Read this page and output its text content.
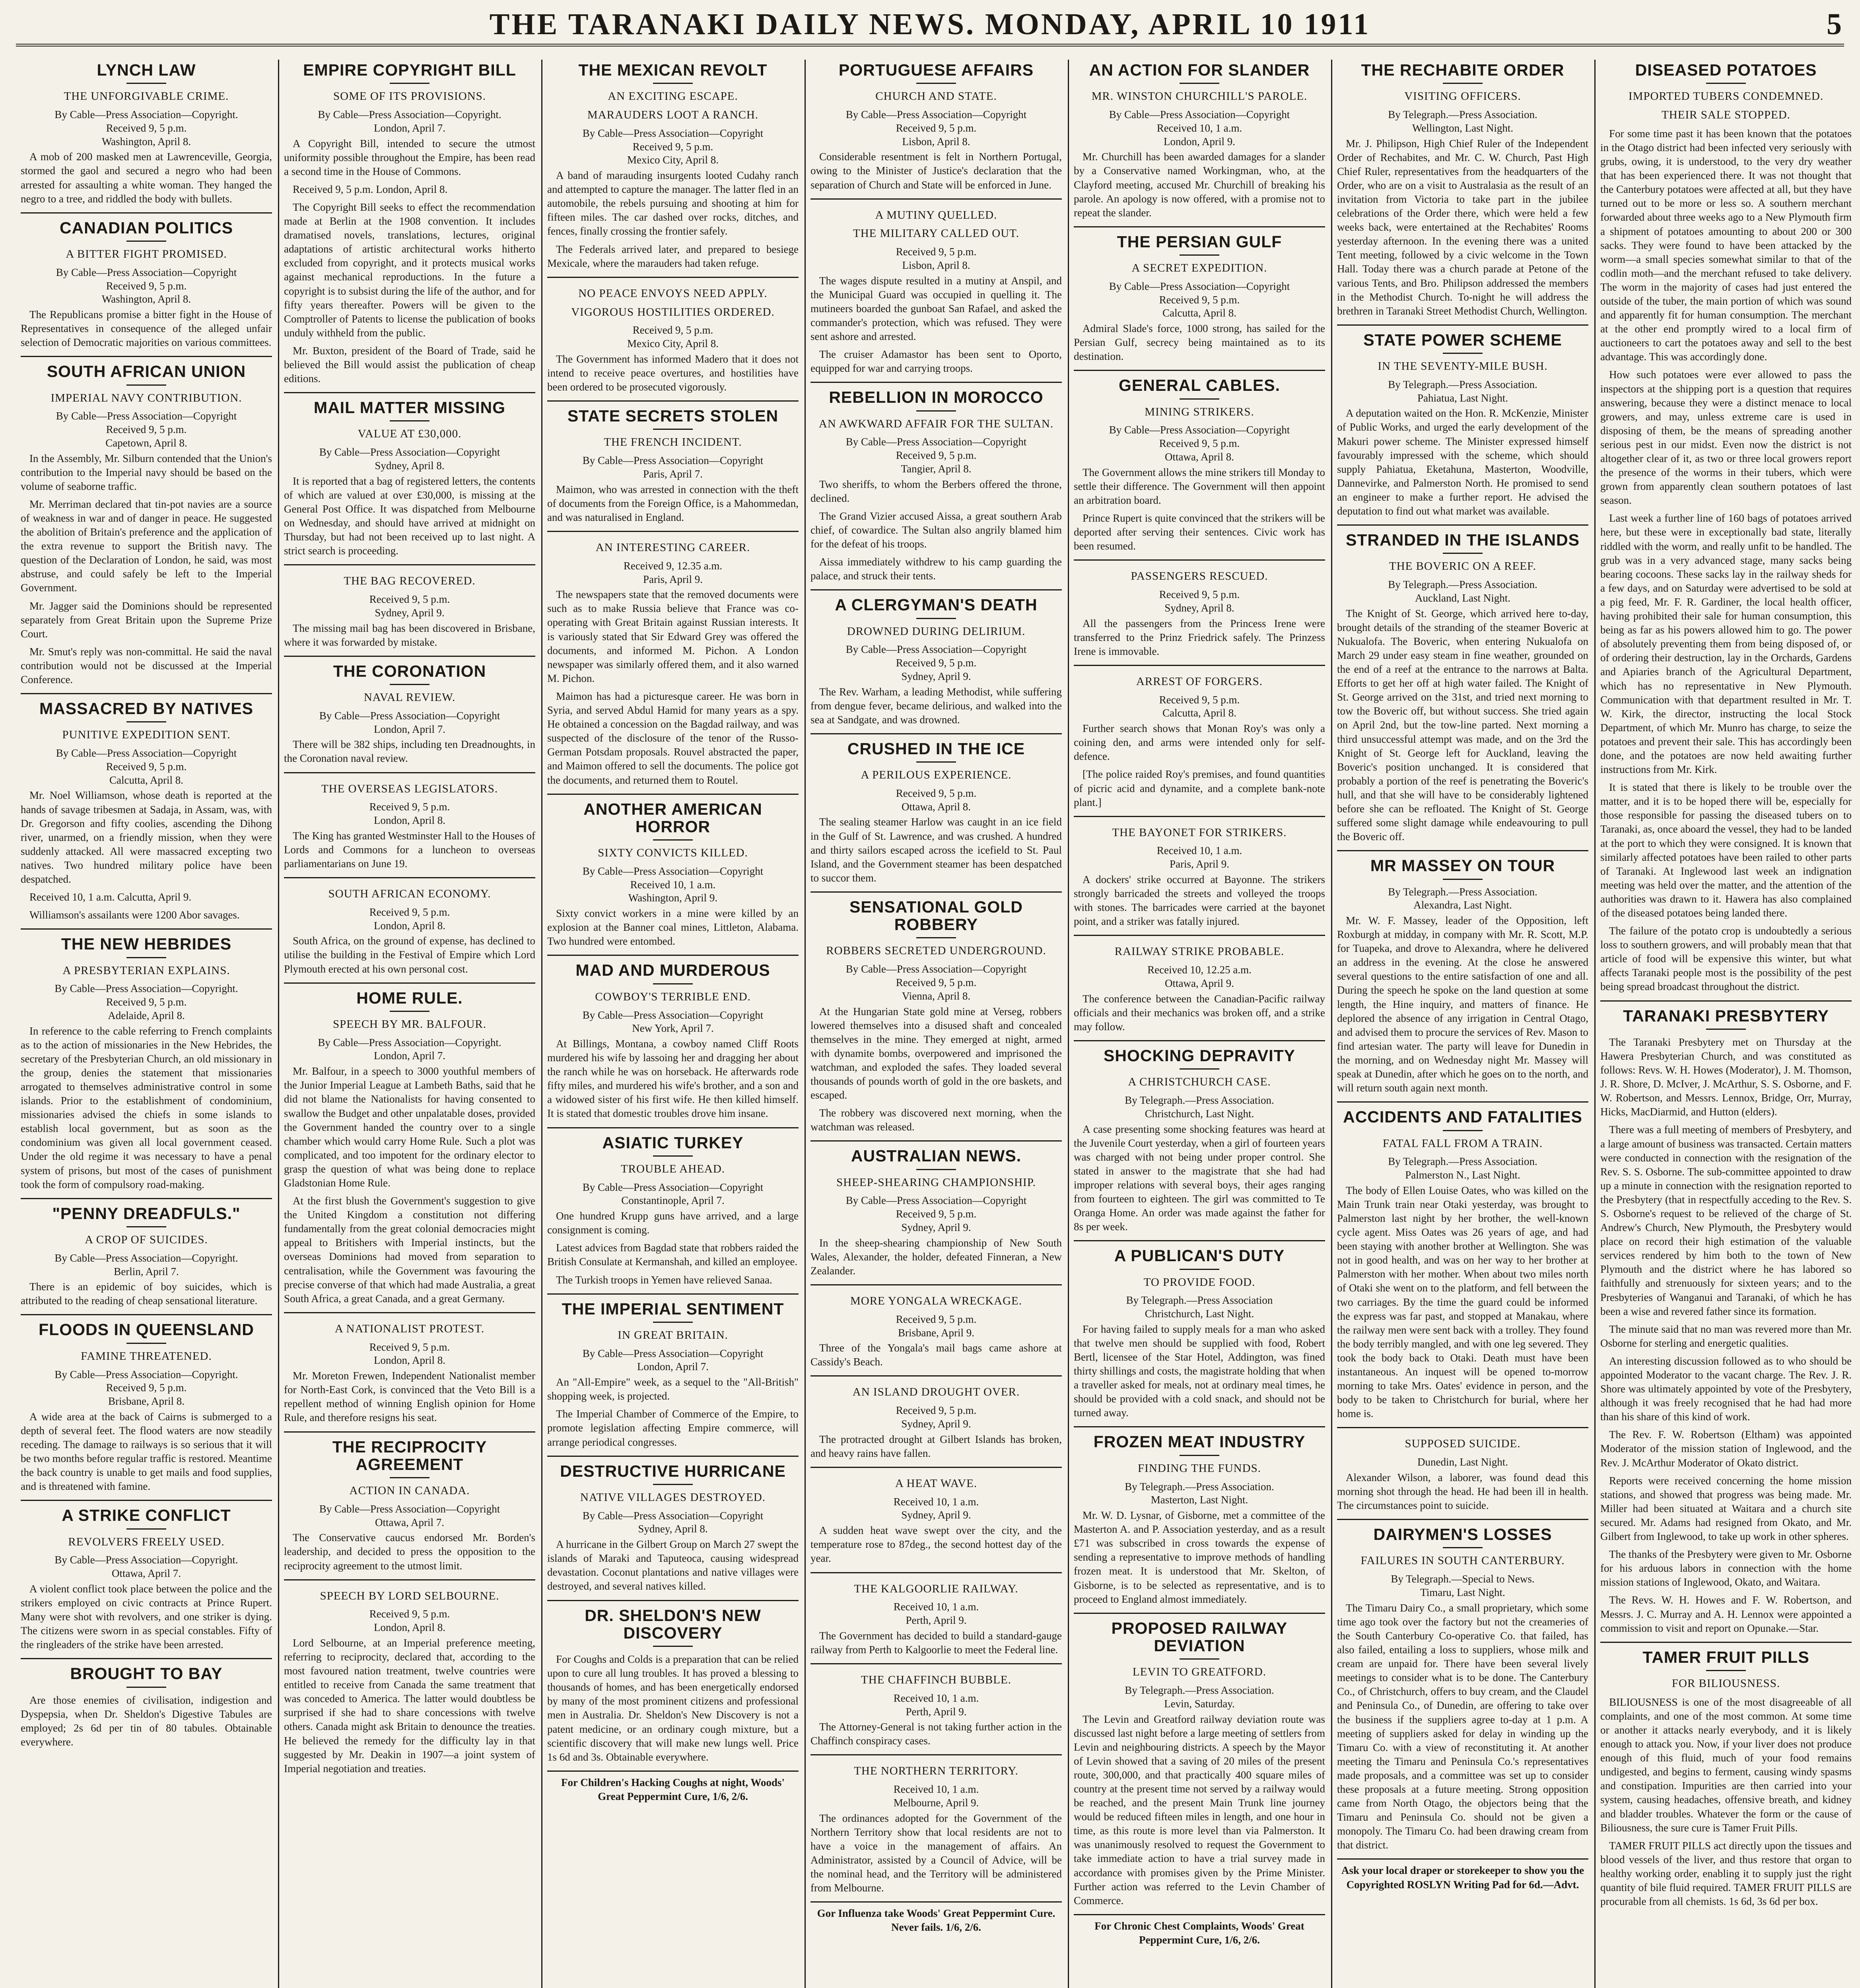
THE TARANAKI DAILY NEWS. MONDAY, APRIL 10 1911	5
LYNCH LAW
THE UNFORGIVABLE CRIME.
By Cable—Press Association—Copyright.
Received 9, 5 p.m.
Washington, April 8.

A mob of 200 masked men at Lawrenceville, Georgia, stormed the gaol and secured a negro who had been arrested for assaulting a white woman. They hanged the negro to a tree, and riddled the body with bullets.

CANADIAN POLITICS
A BITTER FIGHT PROMISED.
By Cable—Press Association—Copyright
Received 9, 5 p.m.
Washington, April 8.

The Republicans promise a bitter fight in the House of Representatives in consequence of the alleged unfair selection of Democratic majorities on various committees.

SOUTH AFRICAN UNION
IMPERIAL NAVY CONTRIBUTION.
By Cable—Press Association—Copyright
Received 9, 5 p.m.
Capetown, April 8.

In the Assembly, Mr. Silburn contended that the Union's contribution to the Imperial navy should be based on the volume of seaborne traffic.

Mr. Merriman declared that tin-pot navies are a source of weakness in war and of danger in peace. He suggested the abolition of Britain's preference and the application of the extra revenue to support the British navy. The question of the Declaration of London, he said, was most abstruse, and could safely be left to the Imperial Government.

Mr. Jagger said the Dominions should be represented separately from Great Britain upon the Supreme Prize Court.

Mr. Smut's reply was non-committal. He said the naval contribution would not be discussed at the Imperial Conference.

MASSACRED BY NATIVES
PUNITIVE EXPEDITION SENT.
By Cable—Press Association—Copyright
Received 9, 5 p.m.
Calcutta, April 8.

Mr. Noel Williamson, whose death is reported at the hands of savage tribesmen at Sadaja, in Assam, was, with Dr. Gregorson and fifty coolies, ascending the Dihong river, unarmed, on a friendly mission, when they were suddenly attacked. All were massacred excepting two natives. Two hundred military police have been despatched.

Received 10, 1 a.m. Calcutta, April 9.

Williamson's assailants were 1200 Abor savages.

THE NEW HEBRIDES
A PRESBYTERIAN EXPLAINS.
By Cable—Press Association—Copyright.
Received 9, 5 p.m.
Adelaide, April 8.

In reference to the cable referring to French complaints as to the action of missionaries in the New Hebrides, the secretary of the Presbyterian Church, an old missionary in the group, denies the statement that missionaries arrogated to themselves administrative control in some islands. Prior to the establishment of condominium, missionaries advised the chiefs in some islands to establish local government, but as soon as the condominium was given all local government ceased. Under the old regime it was necessary to have a penal system of prisons, but most of the cases of punishment took the form of compulsory road-making.

"PENNY DREADFULS."
A CROP OF SUICIDES.
By Cable—Press Association—Copyright.
Berlin, April 7.

There is an epidemic of boy suicides, which is attributed to the reading of cheap sensational literature.

FLOODS IN QUEENSLAND
FAMINE THREATENED.
By Cable—Press Association—Copyright.
Received 9, 5 p.m.
Brisbane, April 8.

A wide area at the back of Cairns is submerged to a depth of several feet. The flood waters are now steadily receding. The damage to railways is so serious that it will be two months before regular traffic is restored. Meantime the back country is unable to get mails and food supplies, and is threatened with famine.

A STRIKE CONFLICT
REVOLVERS FREELY USED.
By Cable—Press Association—Copyright.
Ottawa, April 7.

A violent conflict took place between the police and the strikers employed on civic contracts at Prince Rupert. Many were shot with revolvers, and one striker is dying. The citizens were sworn in as special constables. Fifty of the ringleaders of the strike have been arrested.

BROUGHT TO BAY

Are those enemies of civilisation, indigestion and Dyspepsia, when Dr. Sheldon's Digestive Tabules are employed; 2s 6d per tin of 80 tabules. Obtainable everywhere.

EMPIRE COPYRIGHT BILL
SOME OF ITS PROVISIONS.
By Cable—Press Association—Copyright.
London, April 7.

A Copyright Bill, intended to secure the utmost uniformity possible throughout the Empire, has been read a second time in the House of Commons.

Received 9, 5 p.m. London, April 8.

The Copyright Bill seeks to effect the recommendation made at Berlin at the 1908 convention. It includes dramatised novels, translations, lectures, original adaptations of artistic architectural works hitherto excluded from copyright, and it protects musical works against mechanical reproductions. In the future a copyright is to subsist during the life of the author, and for fifty years thereafter. Powers will be given to the Comptroller of Patents to license the publication of books unduly withheld from the public.

Mr. Buxton, president of the Board of Trade, said he believed the Bill would assist the publication of cheap editions.

MAIL MATTER MISSING
VALUE AT £30,000.
By Cable—Press Association—Copyright
Sydney, April 8.

It is reported that a bag of registered letters, the contents of which are valued at over £30,000, is missing at the General Post Office. It was dispatched from Melbourne on Wednesday, and should have arrived at midnight on Thursday, but had not been received up to last night. A strict search is proceeding.

THE BAG RECOVERED.
Received 9, 5 p.m.
Sydney, April 9.

The missing mail bag has been discovered in Brisbane, where it was forwarded by mistake.

THE CORONATION
NAVAL REVIEW.
By Cable—Press Association—Copyright
London, April 7.

There will be 382 ships, including ten Dreadnoughts, in the Coronation naval review.

THE OVERSEAS LEGISLATORS.
Received 9, 5 p.m.
London, April 8.

The King has granted Westminster Hall to the Houses of Lords and Commons for a luncheon to overseas parliamentarians on June 19.

SOUTH AFRICAN ECONOMY.
Received 9, 5 p.m.
London, April 8.

South Africa, on the ground of expense, has declined to utilise the building in the Festival of Empire which Lord Plymouth erected at his own personal cost.

HOME RULE.
SPEECH BY MR. BALFOUR.
By Cable—Press Association—Copyright.
London, April 7.

Mr. Balfour, in a speech to 3000 youthful members of the Junior Imperial League at Lambeth Baths, said that he did not blame the Nationalists for having consented to swallow the Budget and other unpalatable doses, provided the Government handed the country over to a single chamber which would carry Home Rule. Such a plot was complicated, and too impotent for the ordinary elector to grasp the question of what was being done to replace Gladstonian Home Rule.

At the first blush the Government's suggestion to give the United Kingdom a constitution not differing fundamentally from the great colonial democracies might appeal to Britishers with Imperial instincts, but the overseas Dominions had moved from separation to centralisation, while the Government was favouring the precise converse of that which had made Australia, a great South Africa, a great Canada, and a great Germany.

A NATIONALIST PROTEST.
Received 9, 5 p.m.
London, April 8.

Mr. Moreton Frewen, Independent Nationalist member for North-East Cork, is convinced that the Veto Bill is a repellent method of winning English opinion for Home Rule, and therefore resigns his seat.

THE RECIPROCITY AGREEMENT
ACTION IN CANADA.
By Cable—Press Association—Copyright
Ottawa, April 7.

The Conservative caucus endorsed Mr. Borden's leadership, and decided to press the opposition to the reciprocity agreement to the utmost limit.

SPEECH BY LORD SELBOURNE.
Received 9, 5 p.m.
London, April 8.

Lord Selbourne, at an Imperial preference meeting, referring to reciprocity, declared that, according to the most favoured nation treatment, twelve countries were entitled to receive from Canada the same treatment that was conceded to America. The latter would doubtless be surprised if she had to share concessions with twelve others. Canada might ask Britain to denounce the treaties. He believed the remedy for the difficulty lay in that suggested by Mr. Deakin in 1907—a joint system of Imperial negotiation and treaties.

THE MEXICAN REVOLT
AN EXCITING ESCAPE.

MARAUDERS LOOT A RANCH.

By Cable—Press Association—Copyright
Received 9, 5 p.m.
Mexico City, April 8.

A band of marauding insurgents looted Cudahy ranch and attempted to capture the manager. The latter fled in an automobile, the rebels pursuing and shooting at him for fifteen miles. The car dashed over rocks, ditches, and fences, finally crossing the frontier safely.

The Federals arrived later, and prepared to besiege Mexicale, where the marauders had taken refuge.

NO PEACE ENVOYS NEED APPLY.

VIGOROUS HOSTILITIES ORDERED.

Received 9, 5 p.m.
Mexico City, April 8.

The Government has informed Madero that it does not intend to receive peace overtures, and hostilities have been ordered to be prosecuted vigorously.

STATE SECRETS STOLEN
THE FRENCH INCIDENT.
By Cable—Press Association—Copyright
Paris, April 7.

Maimon, who was arrested in connection with the theft of documents from the Foreign Office, is a Mahommedan, and was naturalised in England.

AN INTERESTING CAREER.
Received 9, 12.35 a.m.
Paris, April 9.

The newspapers state that the removed documents were such as to make Russia believe that France was co-operating with Great Britain against Russian interests. It is variously stated that Sir Edward Grey was offered the documents, and informed M. Pichon. A London newspaper was similarly offered them, and it also warned M. Pichon.

Maimon has had a picturesque career. He was born in Syria, and served Abdul Hamid for many years as a spy. He obtained a concession on the Bagdad railway, and was suspected of the disclosure of the tenor of the Russo-German Potsdam proposals. Rouvel abstracted the paper, and Maimon offered to sell the documents. The police got the documents, and returned them to Routel.

ANOTHER AMERICAN HORROR
SIXTY CONVICTS KILLED.
By Cable—Press Association—Copyright
Received 10, 1 a.m.
Washington, April 9.

Sixty convict workers in a mine were killed by an explosion at the Banner coal mines, Littleton, Alabama. Two hundred were entombed.

MAD AND MURDEROUS
COWBOY'S TERRIBLE END.
By Cable—Press Association—Copyright
New York, April 7.

At Billings, Montana, a cowboy named Cliff Roots murdered his wife by lassoing her and dragging her about the ranch while he was on horseback. He afterwards rode fifty miles, and murdered his wife's brother, and a son and a widowed sister of his first wife. He then killed himself. It is stated that domestic troubles drove him insane.

ASIATIC TURKEY
TROUBLE AHEAD.
By Cable—Press Association—Copyright
Constantinople, April 7.

One hundred Krupp guns have arrived, and a large consignment is coming.

Latest advices from Bagdad state that robbers raided the British Consulate at Kermanshah, and killed an employee.

The Turkish troops in Yemen have relieved Sanaa.

THE IMPERIAL SENTIMENT
IN GREAT BRITAIN.
By Cable—Press Association—Copyright
London, April 7.

An "All-Empire" week, as a sequel to the "All-British" shopping week, is projected.

The Imperial Chamber of Commerce of the Empire, to promote legislation affecting Empire commerce, will arrange periodical congresses.

DESTRUCTIVE HURRICANE
NATIVE VILLAGES DESTROYED.
By Cable—Press Association—Copyright
Sydney, April 8.

A hurricane in the Gilbert Group on March 27 swept the islands of Maraki and Taputeoca, causing widespread devastation. Coconut plantations and native villages were destroyed, and several natives killed.

DR. SHELDON'S NEW DISCOVERY

For Coughs and Colds is a preparation that can be relied upon to cure all lung troubles. It has proved a blessing to thousands of homes, and has been energetically endorsed by many of the most prominent citizens and professional men in Australia. Dr. Sheldon's New Discovery is not a patent medicine, or an ordinary cough mixture, but a scientific discovery that will make new lungs well. Price 1s 6d and 3s. Obtainable everywhere.

For Children's Hacking Coughs at night, Woods' Great Peppermint Cure, 1/6, 2/6.
PORTUGUESE AFFAIRS
CHURCH AND STATE.
By Cable—Press Association—Copyright
Received 9, 5 p.m.
Lisbon, April 8.

Considerable resentment is felt in Northern Portugal, owing to the Minister of Justice's declaration that the separation of Church and State will be enforced in June.

A MUTINY QUELLED.

THE MILITARY CALLED OUT.

Received 9, 5 p.m.
Lisbon, April 8.

The wages dispute resulted in a mutiny at Anspil, and the Municipal Guard was occupied in quelling it. The mutineers boarded the gunboat San Rafael, and asked the commander's protection, which was refused. They were sent ashore and arrested.

The cruiser Adamastor has been sent to Oporto, equipped for war and carrying troops.

REBELLION IN MOROCCO
AN AWKWARD AFFAIR FOR THE SULTAN.
By Cable—Press Association—Copyright
Received 9, 5 p.m.
Tangier, April 8.

Two sheriffs, to whom the Berbers offered the throne, declined.

The Grand Vizier accused Aissa, a great southern Arab chief, of cowardice. The Sultan also angrily blamed him for the defeat of his troops.

Aissa immediately withdrew to his camp guarding the palace, and struck their tents.

A CLERGYMAN'S DEATH
DROWNED DURING DELIRIUM.
By Cable—Press Association—Copyright
Received 9, 5 p.m.
Sydney, April 9.

The Rev. Warham, a leading Methodist, while suffering from dengue fever, became delirious, and walked into the sea at Sandgate, and was drowned.

CRUSHED IN THE ICE
A PERILOUS EXPERIENCE.
Received 9, 5 p.m.
Ottawa, April 8.

The sealing steamer Harlow was caught in an ice field in the Gulf of St. Lawrence, and was crushed. A hundred and thirty sailors escaped across the icefield to St. Paul Island, and the Government steamer has been despatched to succor them.

SENSATIONAL GOLD ROBBERY
ROBBERS SECRETED UNDERGROUND.
By Cable—Press Association—Copyright
Received 9, 5 p.m.
Vienna, April 8.

At the Hungarian State gold mine at Verseg, robbers lowered themselves into a disused shaft and concealed themselves in the mine. They emerged at night, armed with dynamite bombs, overpowered and imprisoned the watchman, and exploded the safes. They loaded several thousands of pounds worth of gold in the ore baskets, and escaped.

The robbery was discovered next morning, when the watchman was released.

AUSTRALIAN NEWS.
SHEEP-SHEARING CHAMPIONSHIP.
By Cable—Press Association—Copyright
Received 9, 5 p.m.
Sydney, April 9.

In the sheep-shearing championship of New South Wales, Alexander, the holder, defeated Finneran, a New Zealander.

MORE YONGALA WRECKAGE.
Received 9, 5 p.m.
Brisbane, April 9.

Three of the Yongala's mail bags came ashore at Cassidy's Beach.

AN ISLAND DROUGHT OVER.
Received 9, 5 p.m.
Sydney, April 9.

The protracted drought at Gilbert Islands has broken, and heavy rains have fallen.

A HEAT WAVE.
Received 10, 1 a.m.
Sydney, April 9.

A sudden heat wave swept over the city, and the temperature rose to 87deg., the second hottest day of the year.

THE KALGOORLIE RAILWAY.
Received 10, 1 a.m.
Perth, April 9.

The Government has decided to build a standard-gauge railway from Perth to Kalgoorlie to meet the Federal line.

THE CHAFFINCH BUBBLE.
Received 10, 1 a.m.
Perth, April 9.

The Attorney-General is not taking further action in the Chaffinch conspiracy cases.

THE NORTHERN TERRITORY.
Received 10, 1 a.m.
Melbourne, April 9.

The ordinances adopted for the Government of the Northern Territory show that local residents are not to have a voice in the management of affairs. An Administrator, assisted by a Council of Advice, will be the nominal head, and the Territory will be administered from Melbourne.

Gor Influenza take Woods' Great Peppermint Cure. Never fails. 1/6, 2/6.
AN ACTION FOR SLANDER
MR. WINSTON CHURCHILL'S PAROLE.
By Cable—Press Association—Copyright
Received 10, 1 a.m.
London, April 9.

Mr. Churchill has been awarded damages for a slander by a Conservative named Workingman, who, at the Clayford meeting, accused Mr. Churchill of breaking his parole. An apology is now offered, with a promise not to repeat the slander.

THE PERSIAN GULF
A SECRET EXPEDITION.
By Cable—Press Association—Copyright
Received 9, 5 p.m.
Calcutta, April 8.

Admiral Slade's force, 1000 strong, has sailed for the Persian Gulf, secrecy being maintained as to its destination.

GENERAL CABLES.
MINING STRIKERS.
By Cable—Press Association—Copyright
Received 9, 5 p.m.
Ottawa, April 8.

The Government allows the mine strikers till Monday to settle their difference. The Government will then appoint an arbitration board.

Prince Rupert is quite convinced that the strikers will be deported after serving their sentences. Civic work has been resumed.

PASSENGERS RESCUED.
Received 9, 5 p.m.
Sydney, April 8.

All the passengers from the Princess Irene were transferred to the Prinz Friedrick safely. The Prinzess Irene is immovable.

ARREST OF FORGERS.
Received 9, 5 p.m.
Calcutta, April 8.

Further search shows that Monan Roy's was only a coining den, and arms were intended only for self-defence.

[The police raided Roy's premises, and found quantities of picric acid and dynamite, and a complete bank-note plant.]

THE BAYONET FOR STRIKERS.
Received 10, 1 a.m.
Paris, April 9.

A dockers' strike occurred at Bayonne. The strikers strongly barricaded the streets and volleyed the troops with stones. The barricades were carried at the bayonet point, and a striker was fatally injured.

RAILWAY STRIKE PROBABLE.
Received 10, 12.25 a.m.
Ottawa, April 9.

The conference between the Canadian-Pacific railway officials and their mechanics was broken off, and a strike may follow.

SHOCKING DEPRAVITY
A CHRISTCHURCH CASE.
By Telegraph.—Press Association.
Christchurch, Last Night.

A case presenting some shocking features was heard at the Juvenile Court yesterday, when a girl of fourteen years was charged with not being under proper control. She stated in answer to the magistrate that she had had improper relations with several boys, their ages ranging from fourteen to eighteen. The girl was committed to Te Oranga Home. An order was made against the father for 8s per week.

A PUBLICAN'S DUTY
TO PROVIDE FOOD.
By Telegraph.—Press Association
Christchurch, Last Night.

For having failed to supply meals for a man who asked that twelve men should be supplied with food, Robert Bertl, licensee of the Star Hotel, Addington, was fined thirty shillings and costs, the magistrate holding that when a traveller asked for meals, not at ordinary meal times, he should be provided with a cold snack, and should not be turned away.

FROZEN MEAT INDUSTRY
FINDING THE FUNDS.
By Telegraph.—Press Association.
Masterton, Last Night.

Mr. W. D. Lysnar, of Gisborne, met a committee of the Masterton A. and P. Association yesterday, and as a result £71 was subscribed in cross towards the expense of sending a representative to improve methods of handling frozen meat. It is understood that Mr. Skelton, of Gisborne, is to be selected as representative, and is to proceed to England almost immediately.

PROPOSED RAILWAY DEVIATION
LEVIN TO GREATFORD.
By Telegraph.—Press Association.
Levin, Saturday.

The Levin and Greatford railway deviation route was discussed last night before a large meeting of settlers from Levin and neighbouring districts. A speech by the Mayor of Levin showed that a saving of 20 miles of the present route, 300,000, and that practically 400 square miles of country at the present time not served by a railway would be reached, and the present Main Trunk line journey would be reduced fifteen miles in length, and one hour in time, as this route is more level than via Palmerston. It was unanimously resolved to request the Government to take immediate action to have a trial survey made in accordance with promises given by the Prime Minister. Further action was referred to the Levin Chamber of Commerce.

For Chronic Chest Complaints, Woods' Great Peppermint Cure, 1/6, 2/6.
THE RECHABITE ORDER
VISITING OFFICERS.
By Telegraph.—Press Association.
Wellington, Last Night.

Mr. J. Philipson, High Chief Ruler of the Independent Order of Rechabites, and Mr. C. W. Church, Past High Chief Ruler, representatives from the headquarters of the Order, who are on a visit to Australasia as the result of an invitation from Victoria to take part in the jubilee celebrations of the Order there, which were held a few weeks back, were entertained at the Rechabites' Rooms yesterday afternoon. In the evening there was a united Tent meeting, followed by a civic welcome in the Town Hall. Today there was a church parade at Petone of the various Tents, and Bro. Philipson addressed the members in the Methodist Church. To-night he will address the brethren in Taranaki Street Methodist Church, Wellington.

STATE POWER SCHEME
IN THE SEVENTY-MILE BUSH.
By Telegraph.—Press Association.
Pahiatua, Last Night.

A deputation waited on the Hon. R. McKenzie, Minister of Public Works, and urged the early development of the Makuri power scheme. The Minister expressed himself favourably impressed with the scheme, which should supply Pahiatua, Eketahuna, Masterton, Woodville, Dannevirke, and Palmerston North. He promised to send an engineer to make a further report. He advised the deputation to find out what market was available.

STRANDED IN THE ISLANDS
THE BOVERIC ON A REEF.
By Telegraph.—Press Association.
Auckland, Last Night.

The Knight of St. George, which arrived here to-day, brought details of the stranding of the steamer Boveric at Nukualofa. The Boveric, when entering Nukualofa on March 29 under easy steam in fine weather, grounded on the end of a reef at the entrance to the narrows at Balta. Efforts to get her off at high water failed. The Knight of St. George arrived on the 31st, and tried next morning to tow the Boveric off, but without success. She tried again on April 2nd, but the tow-line parted. Next morning a third unsuccessful attempt was made, and on the 3rd the Knight of St. George left for Auckland, leaving the Boveric's position unchanged. It is considered that probably a portion of the reef is penetrating the Boveric's hull, and that she will have to be considerably lightened before she can be refloated. The Knight of St. George suffered some slight damage while endeavouring to pull the Boveric off.

MR MASSEY ON TOUR
By Telegraph.—Press Association.
Alexandra, Last Night.

Mr. W. F. Massey, leader of the Opposition, left Roxburgh at midday, in company with Mr. R. Scott, M.P. for Tuapeka, and drove to Alexandra, where he delivered an address in the evening. At the close he answered several questions to the entire satisfaction of one and all. During the speech he spoke on the land question at some length, the Hine inquiry, and matters of finance. He deplored the absence of any irrigation in Central Otago, and advised them to procure the services of Rev. Mason to find artesian water. The party will leave for Dunedin in the morning, and on Wednesday night Mr. Massey will speak at Dunedin, after which he goes on to the north, and will return south again next month.

ACCIDENTS AND FATALITIES
FATAL FALL FROM A TRAIN.
By Telegraph.—Press Association.
Palmerston N., Last Night.

The body of Ellen Louise Oates, who was killed on the Main Trunk train near Otaki yesterday, was brought to Palmerston last night by her brother, the well-known cycle agent. Miss Oates was 26 years of age, and had been staying with another brother at Wellington. She was not in good health, and was on her way to her brother at Palmerston with her mother. When about two miles north of Otaki she went on to the platform, and fell between the two carriages. By the time the guard could be informed the express was far past, and stopped at Manakau, where the railway men were sent back with a trolley. They found the body terribly mangled, and with one leg severed. They took the body back to Otaki. Death must have been instantaneous. An inquest will be opened to-morrow morning to take Mrs. Oates' evidence in person, and the body to be taken to Christchurch for burial, where her home is.

SUPPOSED SUICIDE.
Dunedin, Last Night.

Alexander Wilson, a laborer, was found dead this morning shot through the head. He had been ill in health. The circumstances point to suicide.

DAIRYMEN'S LOSSES
FAILURES IN SOUTH CANTERBURY.
By Telegraph.—Special to News.
Timaru, Last Night.

The Timaru Dairy Co., a small proprietary, which some time ago took over the factory but not the creameries of the South Canterbury Co-operative Co. that failed, has also failed, entailing a loss to suppliers, whose milk and cream are unpaid for. There have been several lively meetings to consider what is to be done. The Canterbury Co., of Christchurch, offers to buy cream, and the Claudel and Peninsula Co., of Dunedin, are offering to take over the business if the suppliers agree to-day at 1 p.m. A meeting of suppliers asked for delay in winding up the Timaru Co. with a view of reconstituting it. At another meeting the Timaru and Peninsula Co.'s representatives made proposals, and a committee was set up to consider these proposals at a future meeting. Strong opposition came from North Otago, the objectors being that the Timaru and Peninsula Co. should not be given a monopoly. The Timaru Co. had been drawing cream from that district.

Ask your local draper or storekeeper to show you the Copyrighted ROSLYN Writing Pad for 6d.—Advt.
DISEASED POTATOES
IMPORTED TUBERS CONDEMNED.

THEIR SALE STOPPED.

For some time past it has been known that the potatoes in the Otago district had been infected very seriously with grubs, owing, it is understood, to the very dry weather that has been experienced there. It was not thought that the Canterbury potatoes were affected at all, but they have turned out to be more or less so. A southern merchant forwarded about three weeks ago to a New Plymouth firm a shipment of potatoes amounting to about 200 or 300 sacks. They were found to have been attacked by the worm—a small species somewhat similar to that of the codlin moth—and the merchant refused to take delivery. The worm in the majority of cases had just entered the outside of the tuber, the main portion of which was sound and apparently fit for human consumption. The merchant at the other end promptly wired to a local firm of auctioneers to cart the potatoes away and sell to the best advantage. This was accordingly done.

How such potatoes were ever allowed to pass the inspectors at the shipping port is a question that requires answering, because they were a distinct menace to local growers, and may, unless extreme care is used in disposing of them, be the means of spreading another serious pest in our midst. Even now the district is not altogether clear of it, as two or three local growers report the presence of the worms in their tubers, which were grown from apparently clean southern potatoes of last season.

Last week a further line of 160 bags of potatoes arrived here, but these were in exceptionally bad state, literally riddled with the worm, and really unfit to be handled. The grub was in a very advanced stage, many sacks being bearing cocoons. These sacks lay in the railway sheds for a few days, and on Saturday were advertised to be sold at a pig feed, Mr. F. R. Gardiner, the local health officer, having prohibited their sale for human consumption, this being as far as his powers allowed him to go. The power of absolutely preventing them from being disposed of, or of ordering their destruction, lay in the Orchards, Gardens and Apiaries branch of the Agricultural Department, which has no representative in New Plymouth. Communication with that department resulted in Mr. T. W. Kirk, the director, instructing the local Stock Department, of which Mr. Munro has charge, to seize the potatoes and prevent their sale. This has accordingly been done, and the potatoes are now held awaiting further instructions from Mr. Kirk.

It is stated that there is likely to be trouble over the matter, and it is to be hoped there will be, especially for those responsible for passing the diseased tubers on to Taranaki, as, once aboard the vessel, they had to be landed at the port to which they were consigned. It is known that similarly affected potatoes have been railed to other parts of Taranaki. At Inglewood last week an indignation meeting was held over the matter, and the attention of the authorities was drawn to it. Hawera has also complained of the diseased potatoes being landed there.

The failure of the potato crop is undoubtedly a serious loss to southern growers, and will probably mean that that article of food will be expensive this winter, but what affects Taranaki people most is the possibility of the pest being spread broadcast throughout the district.

TARANAKI PRESBYTERY

The Taranaki Presbytery met on Thursday at the Hawera Presbyterian Church, and was constituted as follows: Revs. W. H. Howes (Moderator), J. M. Thomson, J. R. Shore, D. McIver, J. McArthur, S. S. Osborne, and F. W. Robertson, and Messrs. Lennox, Bridge, Orr, Murray, Hicks, MacDiarmid, and Hutton (elders).

There was a full meeting of members of Presbytery, and a large amount of business was transacted. Certain matters were conducted in connection with the resignation of the Rev. S. S. Osborne. The sub-committee appointed to draw up a minute in connection with the resignation reported to the Presbytery (that in respectfully acceding to the Rev. S. S. Osborne's request to be relieved of the charge of St. Andrew's Church, New Plymouth, the Presbytery would place on record their high estimation of the valuable services rendered by him both to the town of New Plymouth and the district where he has labored so faithfully and strenuously for sixteen years; and to the Presbyteries of Wanganui and Taranaki, of which he has been a wise and revered father since its formation.

The minute said that no man was revered more than Mr. Osborne for sterling and energetic qualities.

An interesting discussion followed as to who should be appointed Moderator to the vacant charge. The Rev. J. R. Shore was ultimately appointed by vote of the Presbytery, although it was freely recognised that he had had more than his share of this kind of work.

The Rev. F. W. Robertson (Eltham) was appointed Moderator of the mission station of Inglewood, and the Rev. J. McArthur Moderator of Okato district.

Reports were received concerning the home mission stations, and showed that progress was being made. Mr. Miller had been situated at Waitara and a church site secured. Mr. Adams had resigned from Okato, and Mr. Gilbert from Inglewood, to take up work in other spheres.

The thanks of the Presbytery were given to Mr. Osborne for his arduous labors in connection with the home mission stations of Inglewood, Okato, and Waitara.

The Revs. W. H. Howes and F. W. Robertson, and Messrs. J. C. Murray and A. H. Lennox were appointed a commission to visit and report on Opunake.—Star.

TAMER FRUIT PILLS
FOR BILIOUSNESS.

BILIOUSNESS is one of the most disagreeable of all complaints, and one of the most common. At some time or another it attacks nearly everybody, and it is likely enough to attack you. Now, if your liver does not produce enough of this fluid, much of your food remains undigested, and begins to ferment, causing windy spasms and constipation. Impurities are then carried into your system, causing headaches, offensive breath, and kidney and bladder troubles. Whatever the form or the cause of Biliousness, the sure cure is Tamer Fruit Pills.

TAMER FRUIT PILLS act directly upon the tissues and blood vessels of the liver, and thus restore that organ to healthy working order, enabling it to supply just the right quantity of bile fluid required. TAMER FRUIT PILLS are procurable from all chemists. 1s 6d, 3s 6d per box.
